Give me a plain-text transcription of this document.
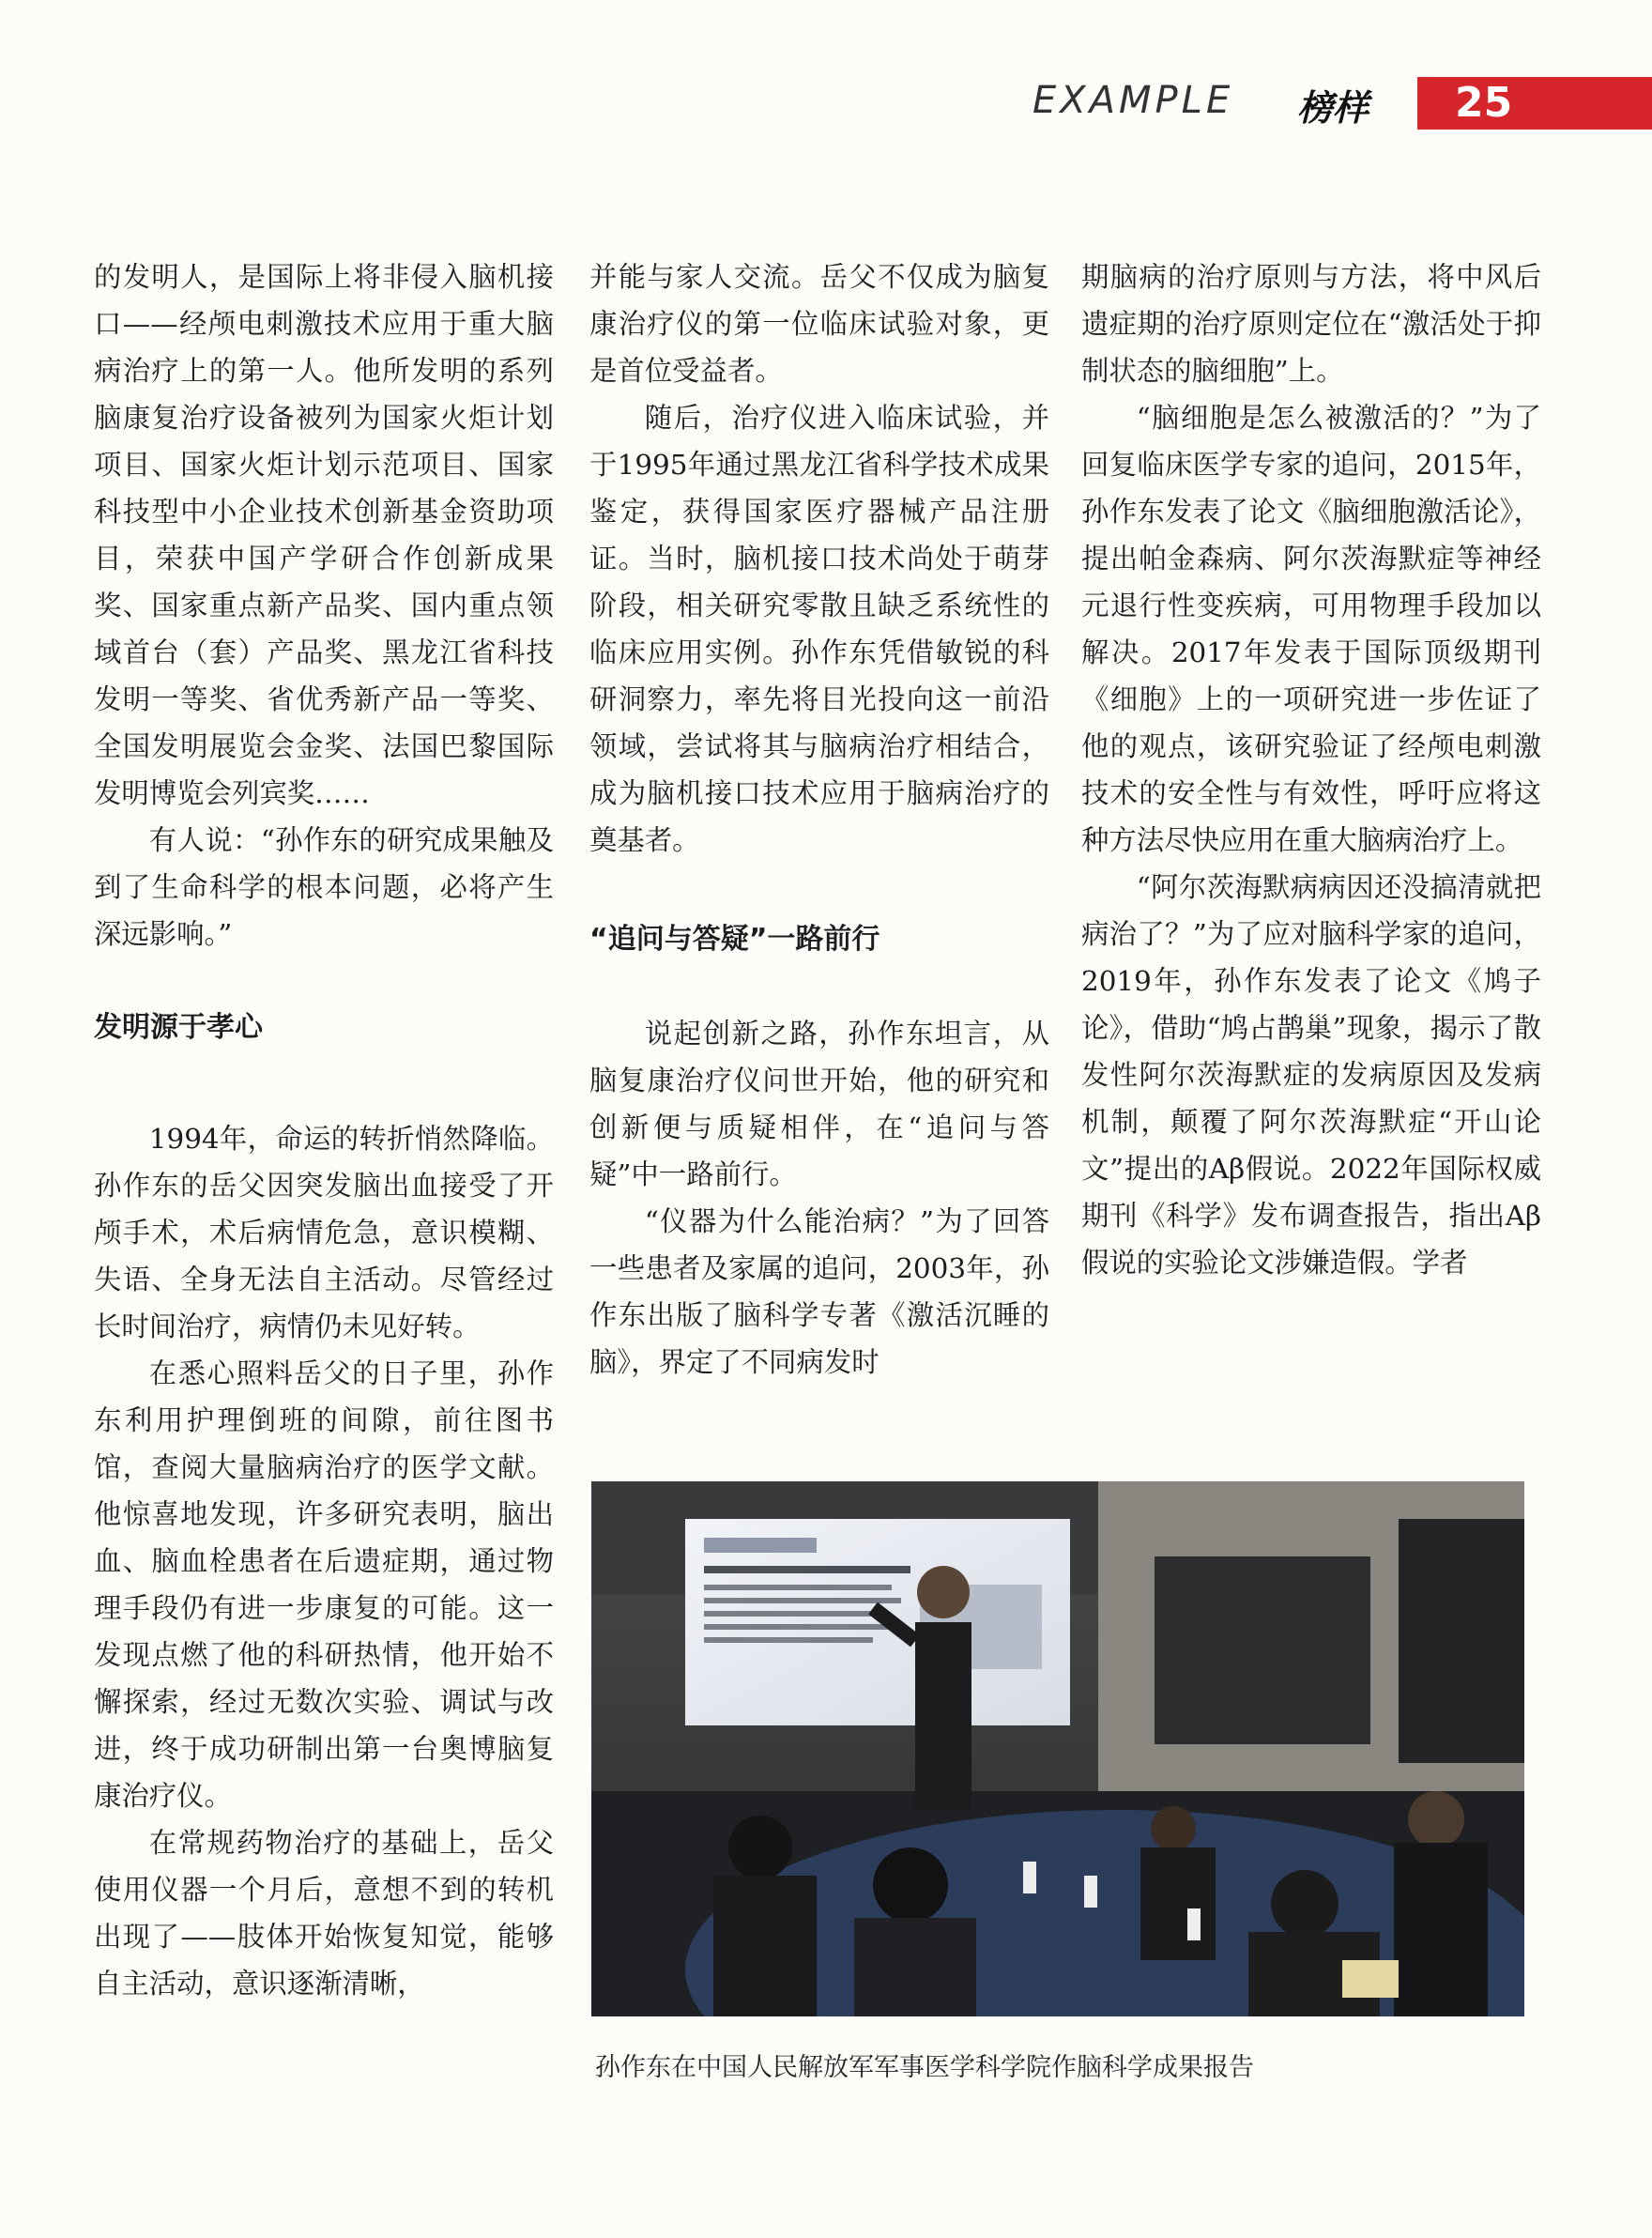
EXAMPLE 榜样 25

的发明人，是国际上将非侵入脑机接口——经颅电刺激技术应用于重大脑病治疗上的第一人。他所发明的系列脑康复治疗设备被列为国家火炬计划项目、国家火炬计划示范项目、国家科技型中小企业技术创新基金资助项目，荣获中国产学研合作创新成果奖、国家重点新产品奖、国内重点领域首台（套）产品奖、黑龙江省科技发明一等奖、省优秀新产品一等奖、全国发明展览会金奖、法国巴黎国际发明博览会列宾奖……

有人说：“孙作东的研究成果触及到了生命科学的根本问题，必将产生深远影响。”

发明源于孝心

1994年，命运的转折悄然降临。孙作东的岳父因突发脑出血接受了开颅手术，术后病情危急，意识模糊、失语、全身无法自主活动。尽管经过长时间治疗，病情仍未见好转。

在悉心照料岳父的日子里，孙作东利用护理倒班的间隙，前往图书馆，查阅大量脑病治疗的医学文献。他惊喜地发现，许多研究表明，脑出血、脑血栓患者在后遗症期，通过物理手段仍有进一步康复的可能。这一发现点燃了他的科研热情，他开始不懈探索，经过无数次实验、调试与改进，终于成功研制出第一台奥博脑复康治疗仪。

在常规药物治疗的基础上，岳父使用仪器一个月后，意想不到的转机出现了——肢体开始恢复知觉，能够自主活动，意识逐渐清晰，

并能与家人交流。岳父不仅成为脑复康治疗仪的第一位临床试验对象，更是首位受益者。

随后，治疗仪进入临床试验，并于1995年通过黑龙江省科学技术成果鉴定，获得国家医疗器械产品注册证。当时，脑机接口技术尚处于萌芽阶段，相关研究零散且缺乏系统性的临床应用实例。孙作东凭借敏锐的科研洞察力，率先将目光投向这一前沿领域，尝试将其与脑病治疗相结合，成为脑机接口技术应用于脑病治疗的奠基者。

“追问与答疑”一路前行

说起创新之路，孙作东坦言，从脑复康治疗仪问世开始，他的研究和创新便与质疑相伴，在“追问与答疑”中一路前行。

“仪器为什么能治病？”为了回答一些患者及家属的追问，2003年，孙作东出版了脑科学专著《激活沉睡的脑》，界定了不同病发时

期脑病的治疗原则与方法，将中风后遗症期的治疗原则定位在“激活处于抑制状态的脑细胞”上。

“脑细胞是怎么被激活的？”为了回复临床医学专家的追问，2015年，孙作东发表了论文《脑细胞激活论》，提出帕金森病、阿尔茨海默症等神经元退行性变疾病，可用物理手段加以解决。2017年发表于国际顶级期刊《细胞》上的一项研究进一步佐证了他的观点，该研究验证了经颅电刺激技术的安全性与有效性，呼吁应将这种方法尽快应用在重大脑病治疗上。

“阿尔茨海默病病因还没搞清就把病治了？”为了应对脑科学家的追问，2019年，孙作东发表了论文《鸠子论》，借助“鸠占鹊巢”现象，揭示了散发性阿尔茨海默症的发病原因及发病机制，颠覆了阿尔茨海默症“开山论文”提出的Aβ假说。2022年国际权威期刊《科学》发布调查报告，指出Aβ假说的实验论文涉嫌造假。学者

孙作东在中国人民解放军军事医学科学院作脑科学成果报告
